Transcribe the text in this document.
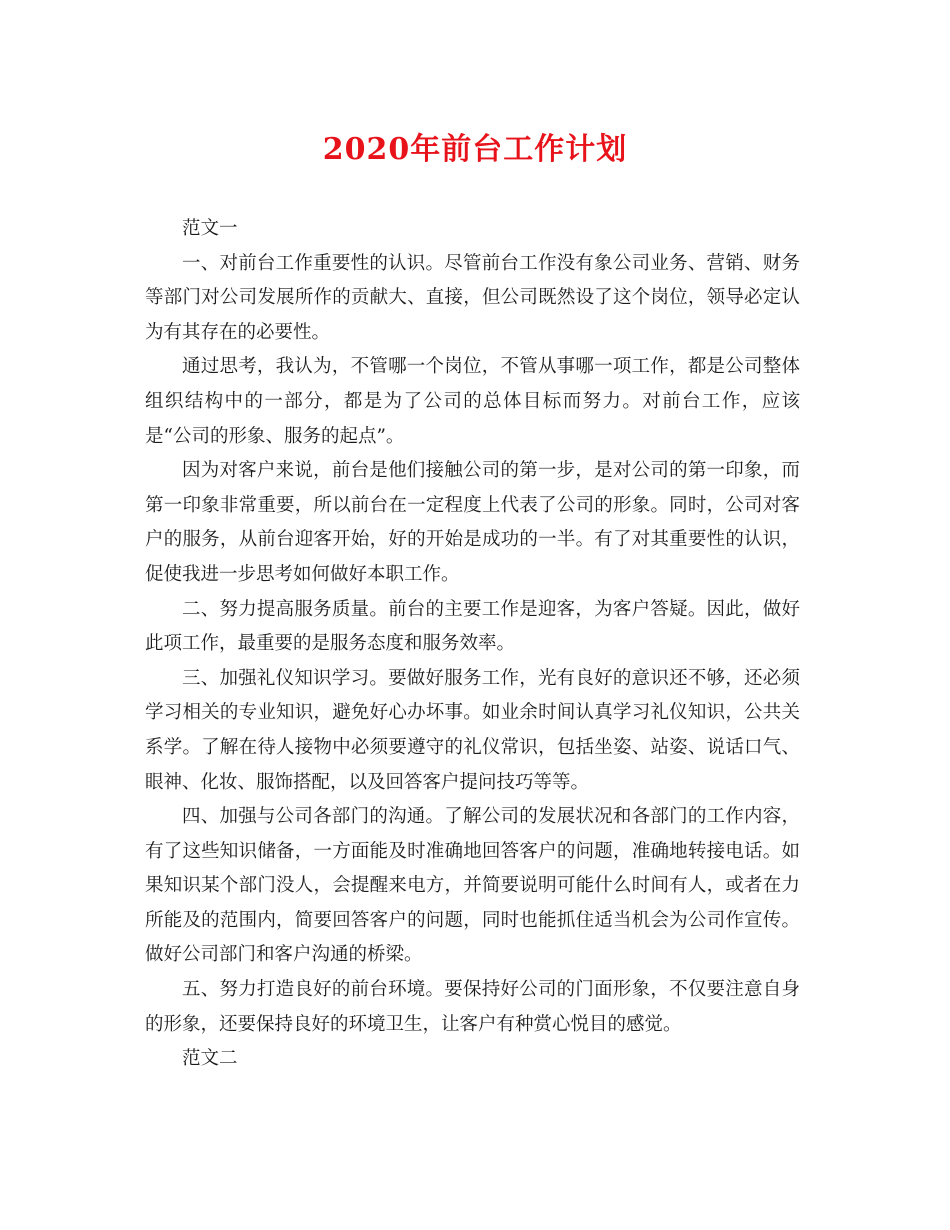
2020年前台工作计划

范文一

一、对前台工作重要性的认识。尽管前台工作没有象公司业务、营销、财务等部门对公司发展所作的贡献大、直接，但公司既然设了这个岗位，领导必定认为有其存在的必要性。

通过思考，我认为，不管哪一个岗位，不管从事哪一项工作，都是公司整体组织结构中的一部分，都是为了公司的总体目标而努力。对前台工作，应该是“公司的形象、服务的起点”。

因为对客户来说，前台是他们接触公司的第一步，是对公司的第一印象，而第一印象非常重要，所以前台在一定程度上代表了公司的形象。同时，公司对客户的服务，从前台迎客开始，好的开始是成功的一半。有了对其重要性的认识，促使我进一步思考如何做好本职工作。

二、努力提高服务质量。前台的主要工作是迎客，为客户答疑。因此，做好此项工作，最重要的是服务态度和服务效率。

三、加强礼仪知识学习。要做好服务工作，光有良好的意识还不够，还必须学习相关的专业知识，避免好心办坏事。如业余时间认真学习礼仪知识，公共关系学。了解在待人接物中必须要遵守的礼仪常识，包括坐姿、站姿、说话口气、眼神、化妆、服饰搭配，以及回答客户提问技巧等等。

四、加强与公司各部门的沟通。了解公司的发展状况和各部门的工作内容，有了这些知识储备，一方面能及时准确地回答客户的问题，准确地转接电话。如果知识某个部门没人，会提醒来电方，并简要说明可能什么时间有人，或者在力所能及的范围内，简要回答客户的问题，同时也能抓住适当机会为公司作宣传。做好公司部门和客户沟通的桥梁。

五、努力打造良好的前台环境。要保持好公司的门面形象，不仅要注意自身的形象，还要保持良好的环境卫生，让客户有种赏心悦目的感觉。

范文二
